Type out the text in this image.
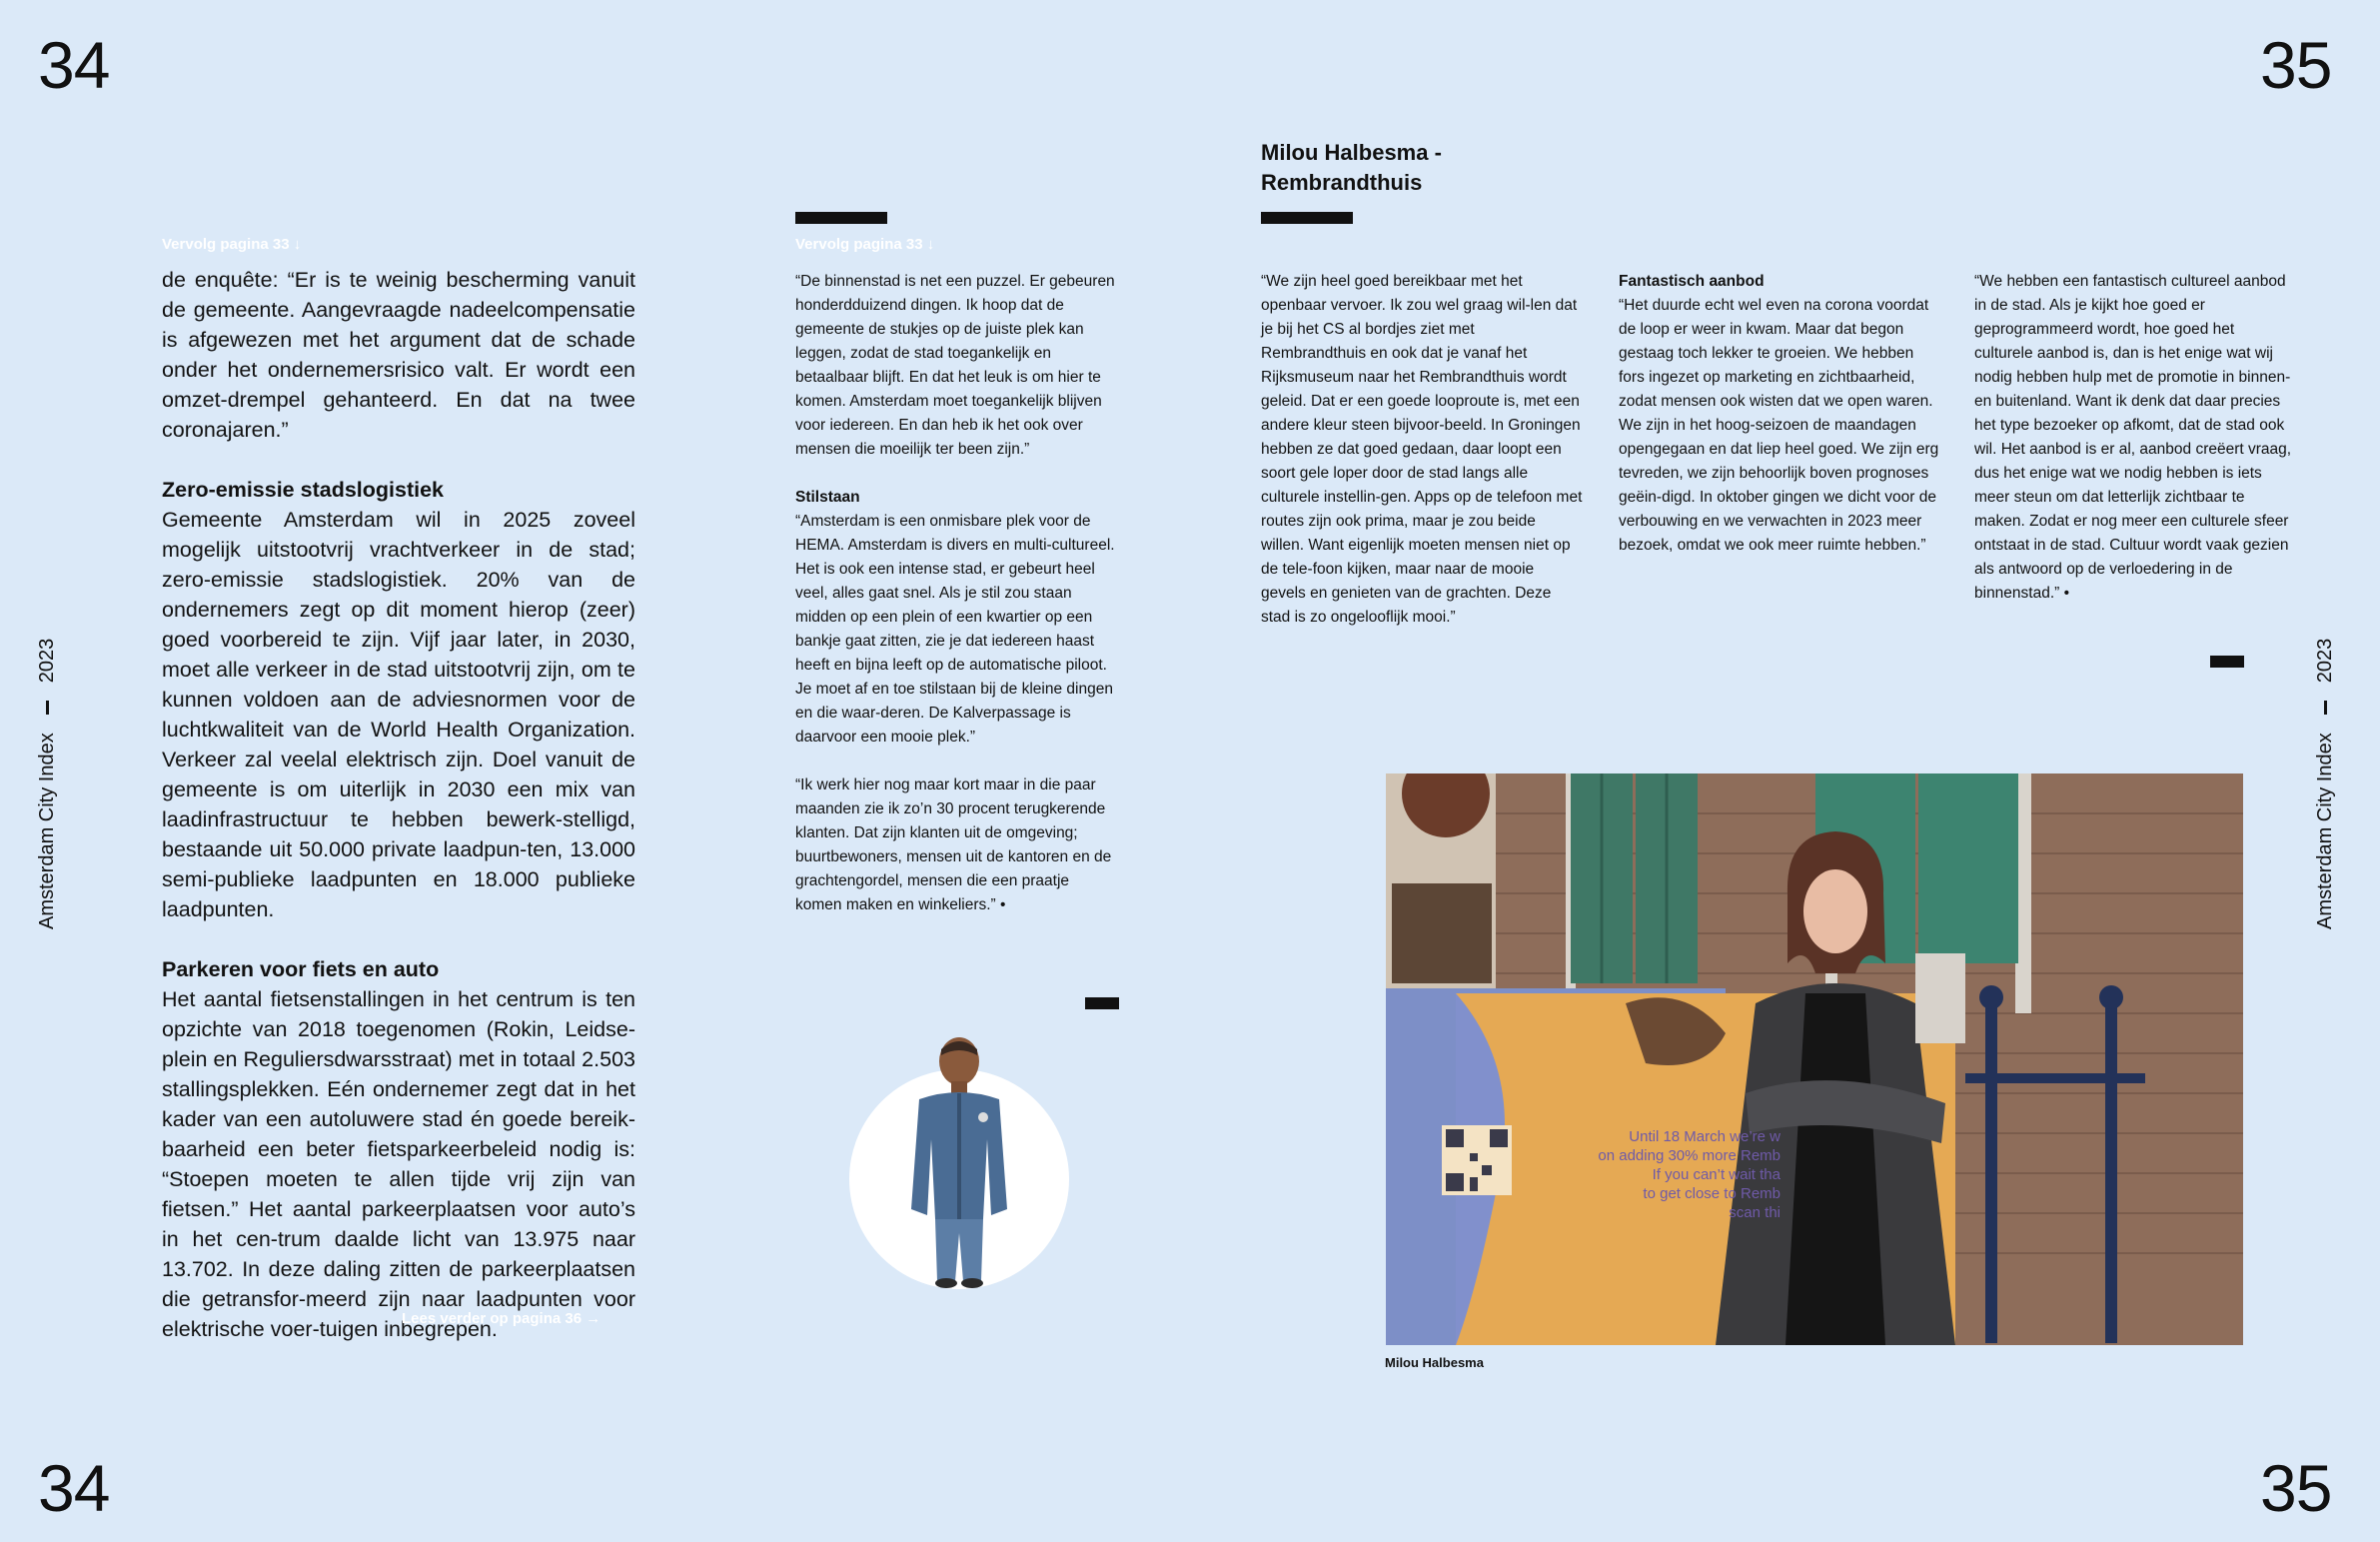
34	35
34	35
Amsterdam City Index2023
Amsterdam City Index2023
Vervolg pagina 33 ↓

de enquête: “Er is te weinig bescherming vanuit de gemeente. Aangevraagde nadeelcompensatie is afgewezen met het argument dat de schade onder het ondernemersrisico valt. Er wordt een omzet-drempel gehanteerd. En dat na twee coronajaren.”

Zero-emissie stadslogistiek

Gemeente Amsterdam wil in 2025 zoveel mogelijk uitstootvrij vrachtverkeer in de stad; zero-emissie stadslogistiek. 20% van de ondernemers zegt op dit moment hierop (zeer) goed voorbereid te zijn. Vijf jaar later, in 2030, moet alle verkeer in de stad uitstootvrij zijn, om te kunnen voldoen aan de adviesnormen voor de luchtkwaliteit van de World Health Organization. Verkeer zal veelal elektrisch zijn. Doel vanuit de gemeente is om uiterlijk in 2030 een mix van laadinfrastructuur te hebben bewerk-stelligd, bestaande uit 50.000 private laadpun-ten, 13.000 semi-publieke laadpunten en 18.000 publieke laadpunten.

Parkeren voor fiets en auto

Het aantal fietsenstallingen in het centrum is ten opzichte van 2018 toegenomen (Rokin, Leidse-plein en Reguliersdwarsstraat) met in totaal 2.503 stallingsplekken. Eén ondernemer zegt dat in het kader van een autoluwere stad én goede bereik-baarheid een beter fietsparkeerbeleid nodig is: “Stoepen moeten te allen tijde vrij zijn van fietsen.” Het aantal parkeerplaatsen voor auto’s in het cen-trum daalde licht van 13.975 naar 13.702. In deze daling zitten de parkeerplaatsen die getransfor-meerd zijn naar laadpunten voor elektrische voer-tuigen inbegrepen.

Lees verder op pagina 36 →
Vervolg pagina 33 ↓

“De binnenstad is net een puzzel. Er gebeuren honderdduizend dingen. Ik hoop dat de gemeente de stukjes op de juiste plek kan leggen, zodat de stad toegankelijk en betaalbaar blijft. En dat het leuk is om hier te komen. Amsterdam moet toegankelijk blijven voor iedereen. En dan heb ik het ook over mensen die moeilijk ter been zijn.”

Stilstaan

“Amsterdam is een onmisbare plek voor de HEMA. Amsterdam is divers en multi-cultureel. Het is ook een intense stad, er gebeurt heel veel, alles gaat snel. Als je stil zou staan midden op een plein of een kwartier op een bankje gaat zitten, zie je dat iedereen haast heeft en bijna leeft op de automatische piloot. Je moet af en toe stilstaan bij de kleine dingen en die waar-deren. De Kalverpassage is daarvoor een mooie plek.”

“Ik werk hier nog maar kort maar in die paar maanden zie ik zo’n 30 procent terugkerende klanten. Dat zijn klanten uit de omgeving; buurtbewoners, mensen uit de kantoren en de grachtengordel, mensen die een praatje komen maken en winkeliers.” •

Milou Halbesma -
Rembrandthuis

“We zijn heel goed bereikbaar met het openbaar vervoer. Ik zou wel graag wil-len dat je bij het CS al bordjes ziet met Rembrandthuis en ook dat je vanaf het Rijksmuseum naar het Rembrandthuis wordt geleid. Dat er een goede looproute is, met een andere kleur steen bijvoor-beeld. In Groningen hebben ze dat goed gedaan, daar loopt een soort gele loper door de stad langs alle culturele instellin-gen. Apps op de telefoon met routes zijn ook prima, maar je zou beide willen. Want eigenlijk moeten mensen niet op de tele-foon kijken, maar naar de mooie gevels en genieten van de grachten. Deze stad is zo ongelooflijk mooi.”

Fantastisch aanbod

“Het duurde echt wel even na corona voordat de loop er weer in kwam. Maar dat begon gestaag toch lekker te groeien. We hebben fors ingezet op marketing en zichtbaarheid, zodat mensen ook wisten dat we open waren. We zijn in het hoog-seizoen de maandagen opengegaan en dat liep heel goed. We zijn erg tevreden, we zijn behoorlijk boven prognoses geëin-digd. In oktober gingen we dicht voor de verbouwing en we verwachten in 2023 meer bezoek, omdat we ook meer ruimte hebben.”

“We hebben een fantastisch cultureel aanbod in de stad. Als je kijkt hoe goed er geprogrammeerd wordt, hoe goed het culturele aanbod is, dan is het enige wat wij nodig hebben hulp met de promotie in binnen- en buitenland. Want ik denk dat daar precies het type bezoeker op afkomt, dat de stad ook wil. Het aanbod is er al, aanbod creëert vraag, dus het enige wat we nodig hebben is iets meer steun om dat letterlijk zichtbaar te maken. Zodat er nog meer een culturele sfeer ontstaat in de stad. Cultuur wordt vaak gezien als antwoord op de verloedering in de binnenstad.” •

Until 18 March we’re w
on adding 30% more Remb
If you can’t wait tha
to get close to Remb
scan thi
Milou Halbesma
